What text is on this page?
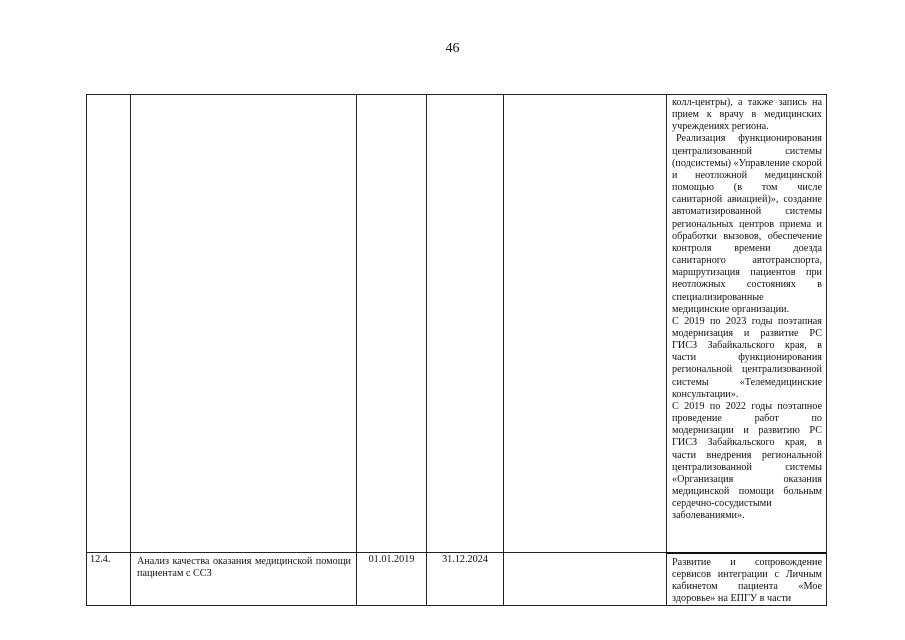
46

					колл-центры), а также запись на прием к врачу в медицинских учреждениях региона.

Реализация функционирования централизованной системы (подсистемы) «Управление скорой и неотложной медицинской помощью (в том числе санитарной авиацией)», создание автоматизированной системы региональных центров приема и обработки вызовов, обеспечение контроля времени доезда санитарного автотранспорта, маршрутизация пациентов при неотложных состояниях в специализированные медицинские организации.

С 2019 по 2023 годы поэтапная модернизация и развитие РС ГИСЗ Забайкальского края, в части функционирования региональной централизованной системы «Телемедицинские консультации».

С 2019 по 2022 годы поэтапное проведение работ по модернизации и развитию РС ГИСЗ Забайкальского края, в части внедрения региональной централизованной системы «Организация оказания медицинской помощи больным сердечно-сосудистыми заболеваниями».

12.4.	Анализ качества оказания медицинской помощи пациентам с ССЗ	01.01.2019	31.12.2024		Развитие и сопровождение сервисов интеграции с Личным кабинетом пациента «Мое здоровье» на ЕПГУ в части
